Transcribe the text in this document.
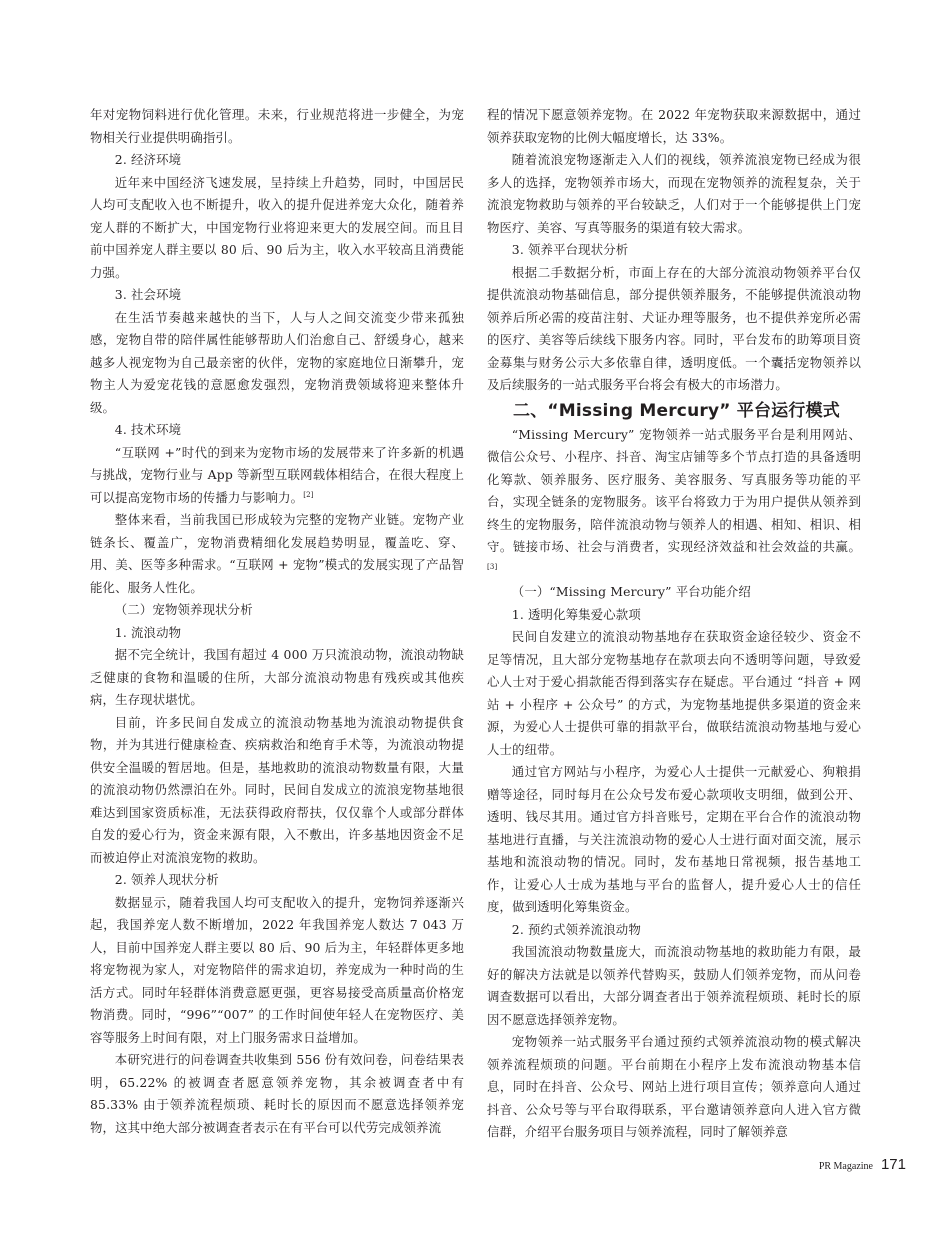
年对宠物饲料进行优化管理。未来，行业规范将进一步健全，为宠物相关行业提供明确指引。

2. 经济环境

近年来中国经济飞速发展，呈持续上升趋势，同时，中国居民人均可支配收入也不断提升，收入的提升促进养宠大众化，随着养宠人群的不断扩大，中国宠物行业将迎来更大的发展空间。而且目前中国养宠人群主要以 80 后、90 后为主，收入水平较高且消费能力强。

3. 社会环境

在生活节奏越来越快的当下，人与人之间交流变少带来孤独感，宠物自带的陪伴属性能够帮助人们治愈自己、舒缓身心，越来越多人视宠物为自己最亲密的伙伴，宠物的家庭地位日渐攀升，宠物主人为爱宠花钱的意愿愈发强烈，宠物消费领域将迎来整体升级。

4. 技术环境

“互联网 +”时代的到来为宠物市场的发展带来了许多新的机遇与挑战，宠物行业与 App 等新型互联网载体相结合，在很大程度上可以提高宠物市场的传播力与影响力。[2]

整体来看，当前我国已形成较为完整的宠物产业链。宠物产业链条长、覆盖广，宠物消费精细化发展趋势明显，覆盖吃、穿、用、美、医等多种需求。“互联网 + 宠物”模式的发展实现了产品智能化、服务人性化。

（二）宠物领养现状分析

1. 流浪动物

据不完全统计，我国有超过 4 000 万只流浪动物，流浪动物缺乏健康的食物和温暖的住所，大部分流浪动物患有残疾或其他疾病，生存现状堪忧。

目前，许多民间自发成立的流浪动物基地为流浪动物提供食物，并为其进行健康检查、疾病救治和绝育手术等，为流浪动物提供安全温暖的暂居地。但是，基地救助的流浪动物数量有限，大量的流浪动物仍然漂泊在外。同时，民间自发成立的流浪宠物基地很难达到国家资质标准，无法获得政府帮扶，仅仅靠个人或部分群体自发的爱心行为，资金来源有限，入不敷出，许多基地因资金不足而被迫停止对流浪宠物的救助。

2. 领养人现状分析

数据显示，随着我国人均可支配收入的提升，宠物饲养逐渐兴起，我国养宠人数不断增加，2022 年我国养宠人数达 7 043 万人，目前中国养宠人群主要以 80 后、90 后为主，年轻群体更多地将宠物视为家人，对宠物陪伴的需求迫切，养宠成为一种时尚的生活方式。同时年轻群体消费意愿更强，更容易接受高质量高价格宠物消费。同时，“996”“007” 的工作时间使年轻人在宠物医疗、美容等服务上时间有限，对上门服务需求日益增加。

本研究进行的问卷调查共收集到 556 份有效问卷，问卷结果表明，65.22% 的被调查者愿意领养宠物，其余被调查者中有 85.33% 由于领养流程烦琐、耗时长的原因而不愿意选择领养宠物，这其中绝大部分被调查者表示在有平台可以代劳完成领养流

程的情况下愿意领养宠物。在 2022 年宠物获取来源数据中，通过领养获取宠物的比例大幅度增长，达 33%。

随着流浪宠物逐渐走入人们的视线，领养流浪宠物已经成为很多人的选择，宠物领养市场大，而现在宠物领养的流程复杂，关于流浪宠物救助与领养的平台较缺乏，人们对于一个能够提供上门宠物医疗、美容、写真等服务的渠道有较大需求。

3. 领养平台现状分析

根据二手数据分析，市面上存在的大部分流浪动物领养平台仅提供流浪动物基础信息，部分提供领养服务，不能够提供流浪动物领养后所必需的疫苗注射、犬证办理等服务，也不提供养宠所必需的医疗、美容等后续线下服务内容。同时，平台发布的助筹项目资金募集与财务公示大多依靠自律，透明度低。一个囊括宠物领养以及后续服务的一站式服务平台将会有极大的市场潜力。

二、“Missing Mercury” 平台运行模式

“Missing Mercury” 宠物领养一站式服务平台是利用网站、微信公众号、小程序、抖音、淘宝店铺等多个节点打造的具备透明化筹款、领养服务、医疗服务、美容服务、写真服务等功能的平台，实现全链条的宠物服务。该平台将致力于为用户提供从领养到终生的宠物服务，陪伴流浪动物与领养人的相遇、相知、相识、相守。链接市场、社会与消费者，实现经济效益和社会效益的共赢。[3]

（一）“Missing Mercury” 平台功能介绍

1. 透明化筹集爱心款项

民间自发建立的流浪动物基地存在获取资金途径较少、资金不足等情况，且大部分宠物基地存在款项去向不透明等问题，导致爱心人士对于爱心捐款能否得到落实存在疑虑。平台通过 “抖音 + 网站 + 小程序 + 公众号” 的方式，为宠物基地提供多渠道的资金来源，为爱心人士提供可靠的捐款平台，做联结流浪动物基地与爱心人士的纽带。

通过官方网站与小程序，为爱心人士提供一元献爱心、狗粮捐赠等途径，同时每月在公众号发布爱心款项收支明细，做到公开、透明、钱尽其用。通过官方抖音账号，定期在平台合作的流浪动物基地进行直播，与关注流浪动物的爱心人士进行面对面交流，展示基地和流浪动物的情况。同时，发布基地日常视频，报告基地工作，让爱心人士成为基地与平台的监督人，提升爱心人士的信任度，做到透明化筹集资金。

2. 预约式领养流浪动物

我国流浪动物数量庞大，而流浪动物基地的救助能力有限，最好的解决方法就是以领养代替购买，鼓励人们领养宠物，而从问卷调查数据可以看出，大部分调查者出于领养流程烦琐、耗时长的原因不愿意选择领养宠物。

宠物领养一站式服务平台通过预约式领养流浪动物的模式解决领养流程烦琐的问题。平台前期在小程序上发布流浪动物基本信息，同时在抖音、公众号、网站上进行项目宣传；领养意向人通过抖音、公众号等与平台取得联系，平台邀请领养意向人进入官方微信群，介绍平台服务项目与领养流程，同时了解领养意

PR Magazine 171
